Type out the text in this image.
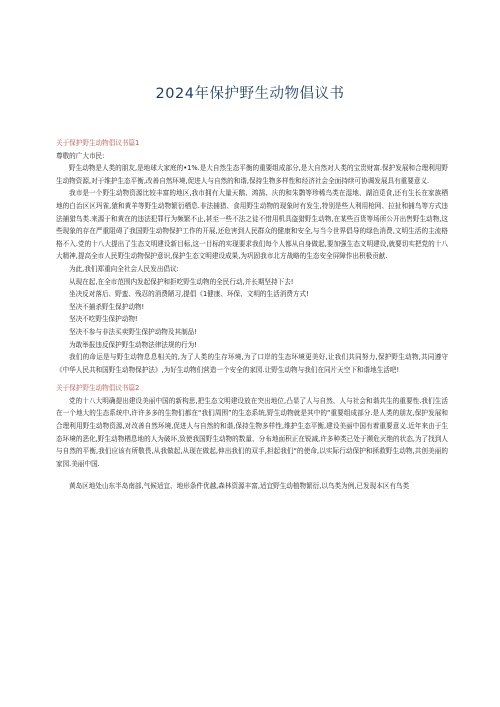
2024年保护野生动物倡议书

关于保护野生动物倡议书篇1

尊敬的广大市民:

野生动物是人类的朋友,是地球大家庭的•1%.是大自然生态平衡的重要组成部分,是大自然对人类的宝贵财富.保护发展和合理利用野生动物资源,对于维护生态平衡,改善自然环境,促进人与自然的和谐,保持生物多样性和经济社会全面持续可协调发展具有重要意义.

我市是一个野生动物资源比较丰富的地区,我市拥有大量天鹅、鸿鹄、庆的和朱鹮等珍稀鸟类在湿地、湖泊觅食,还有生长在家族栖地的白治区区玛雀,猿和黄羊等野生动物繁衍栖息.非法捕猎、食用野生动物的现象时有发生,特别是些人利用枪网、拉扯和捕鸟等方式违法捕猎鸟类.来源于和黄在的违法犯罪行为频繁不止,甚至一些不法之徒不惜用机具盗猎野生动物,在某些百货等场所公开出售野生动物,这些现象的存在严重阻碍了我国野生动物保护工作的开展,还危害到人民群众的健康和安全,与当今世界倡导的绿色消费,文明生活的主流格格不入.党的十八大提出了生态文明建设新目标,这一目标的实现要求我们每个人都从自身做起,要加强生态文明建设,就要切实把党的十八大精神,提高全市人民野生动物保护意识,保护生态文明建设成果,为巩固我市北方战略的生态安全屏障作出积极贡献.

为此,我们郑重向全社会人民发出倡议:

从现在起,在全市范围内发起保护和拒吃野生动物的全民行动,并长期坚持下去!

坐决反对落后、野蛮、残忍的消费陋习,提倡《1健康、环保、文明的生活消费方式!

坚决不捕杀野生保护动物!

坚决不吃野生保护动物!

坚决不参与非法买卖野生保护动物及其制品!

为敢举报违反保护野生动物法律法规的行为!

我们的命运是与野生动物息息相关的,为了人类的生存环境,为了口岸的生态环境更美好,让我们共同努力,保护野生动物,共同遵守《中华人民共和国野生动物保护法》,为好生动物们营造一个安全的家园.让野生动物与我们在同片天空下和谐地生活吧!

关于保护野生动物倡议书篇2

党的十八大明确提出建设美丽中国的新构思,把生态文明建设放在突出地位,凸显了人与自然、人与社会和谐共生的重要性.我们生活在一个地大的生态系统中,许许多多的生物们都在“我们周围”的生态系统,野生动物就是其中的“重要组成部分.是人类的朋友,保护发展和合理利用野生动物资源,对改善自然环境,促进人与自然的和谐,保持生物多样性,维护生态平衡,建设美丽中国有着重要意义.近年来由于生态环境的恶化,野生动物栖息地的人为破坏,致使我国野生动物的数量、分布地面积正在锐减,许多种类已处于濒危灭绝的状态,为了找到人与自然的平衡,我们应该有所敬畏,从我做起,从现在做起,伸出我们的双手,担起我们“的使命,以实际行动保护和拯救野生动物,共创美丽的家园.美丽中国.

黄岛区地处山东半岛南部,气候适宜、地形条件优越,森林资源丰富,适宜野生动植物繁衍,以鸟类为例,已发现本区有鸟类
